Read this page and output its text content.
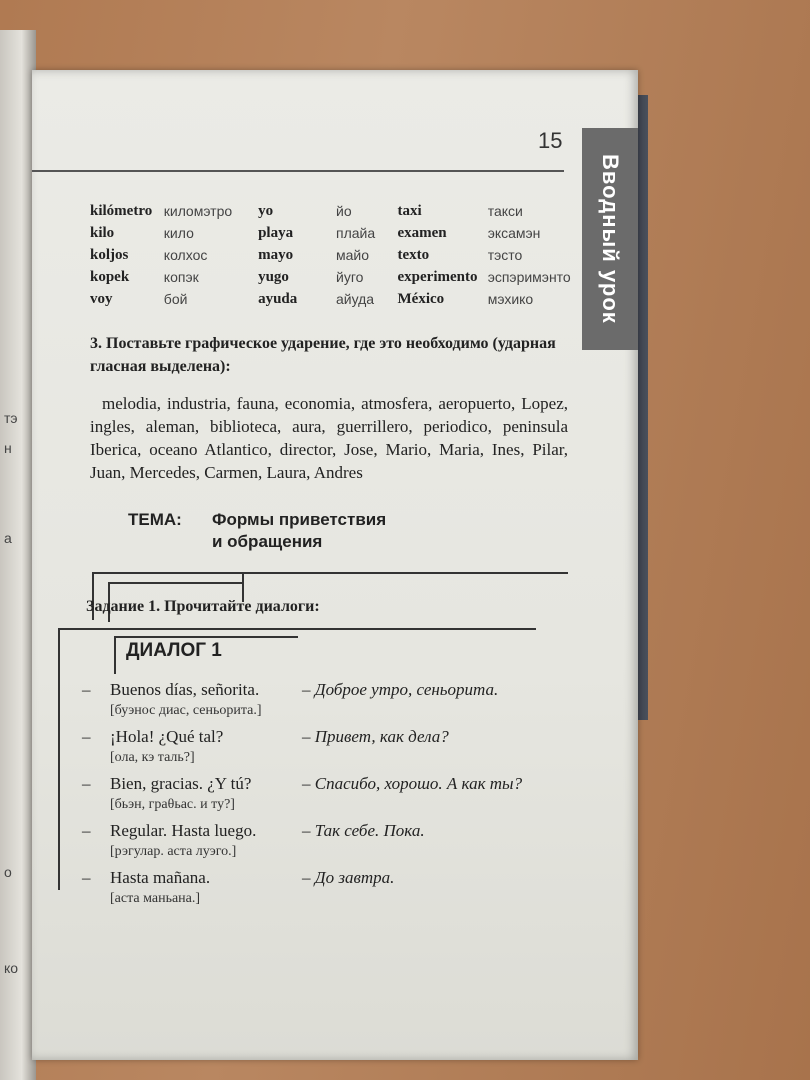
тэ
н
а
о
ко
15
Вводный урок
kilómetro	килoмэтро	yo	йо	taxi	такси
kilo	кило	playa	плайа	examen	эксамэн
koljos	колхос	mayo	майо	texto	тэсто
kopek	копэк	yugo	йуго	experimento	эспэримэнто
voy	бой	ayuda	айуда	México	мэхико
3. Поставьте графическое ударение, где это необходимо (ударная гласная выделена):
melodia, industria, fauna, economia, atmosfera, aeropuerto, Lopez, ingles, aleman, biblioteca, aura, guerrillero, periodico, peninsula Iberica, oceano Atlantico, director, Jose, Mario, Maria, Ines, Pilar, Juan, Mercedes, Carmen, Laura, Andres
ТЕМА: Формы приветствия
и обращения
Задание 1. Прочитайте диалоги:
ДИАЛОГ 1
– Buenos días, señorita.
[буэнос диас, сеньорита.]
– Доброе утро, сеньорита.
– ¡Hola! ¿Qué tal?
[ола, кэ таль?]
– Привет, как дела?
– Bien, gracias. ¿Y tú?
[бьэн, граθьас. и ту?]
– Спасибо, хорошо. А как ты?
– Regular. Hasta luego.
[рэгулар. аста луэго.]
– Так себе. Пока.
– Hasta mañana.
[аста маньана.]
– До завтра.
